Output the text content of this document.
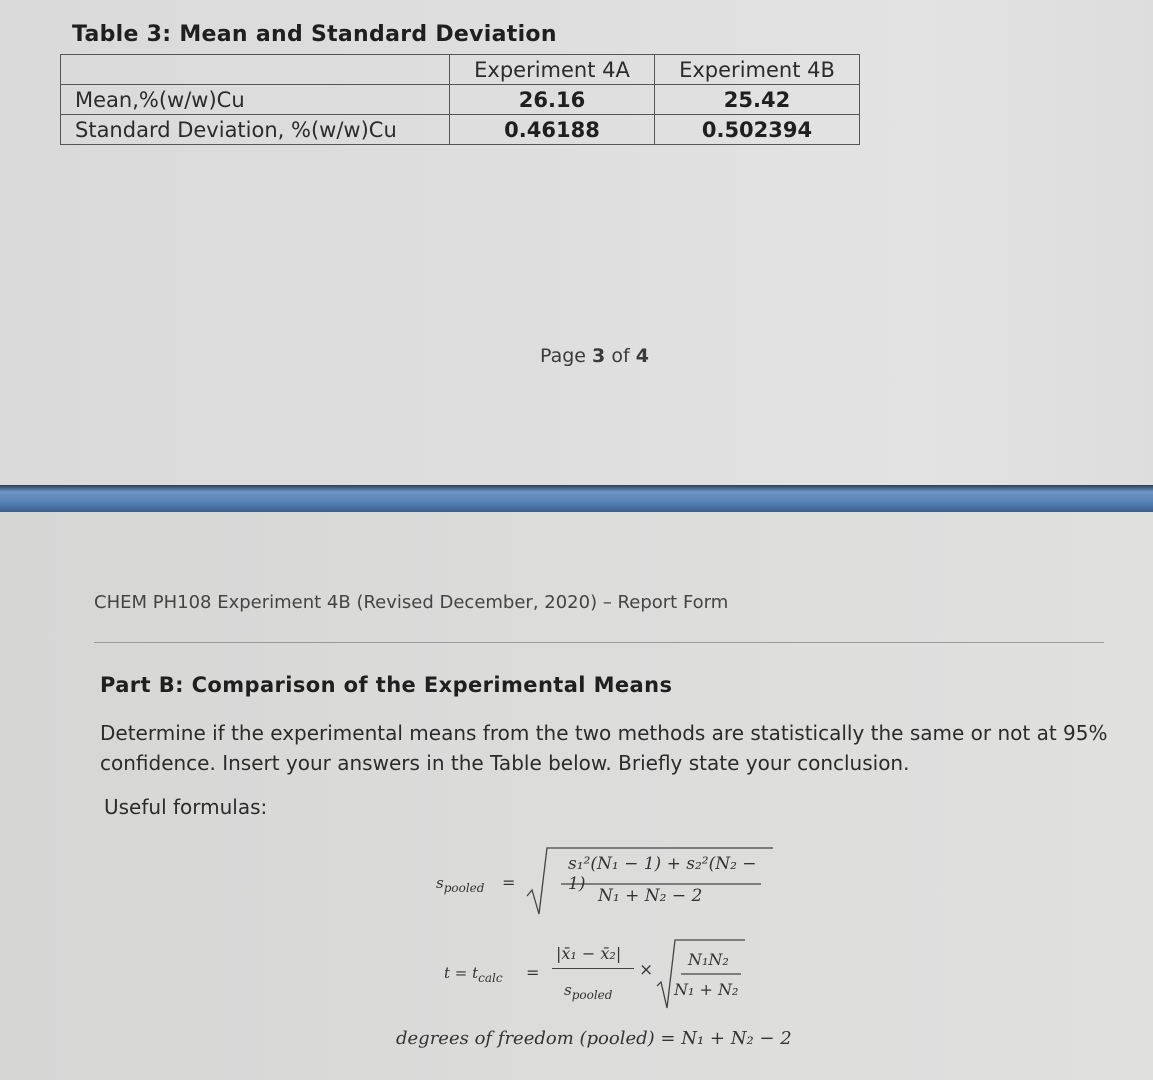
Table 3: Mean and Standard Deviation
	Experiment 4A	Experiment 4B
Mean,%(w/w)Cu	26.16	25.42
Standard Deviation, %(w/w)Cu	0.46188	0.502394
Page 3 of 4
CHEM PH108 Experiment 4B (Revised December, 2020) – Report Form
Part B: Comparison of the Experimental Means
Determine if the experimental means from the two methods are statistically the same or not at 95% confidence. Insert your answers in the Table below. Briefly state your conclusion.
Useful formulas:
$s_{pooled}$ =
s₁²(N₁ − 1) + s₂²(N₂ − 1)
N₁ + N₂ − 2
$t = t_{calc}$ =
|x̄₁ − x̄₂|
$s_{pooled}$
×
N₁N₂
N₁ + N₂
degrees of freedom (pooled) = N₁ + N₂ − 2
